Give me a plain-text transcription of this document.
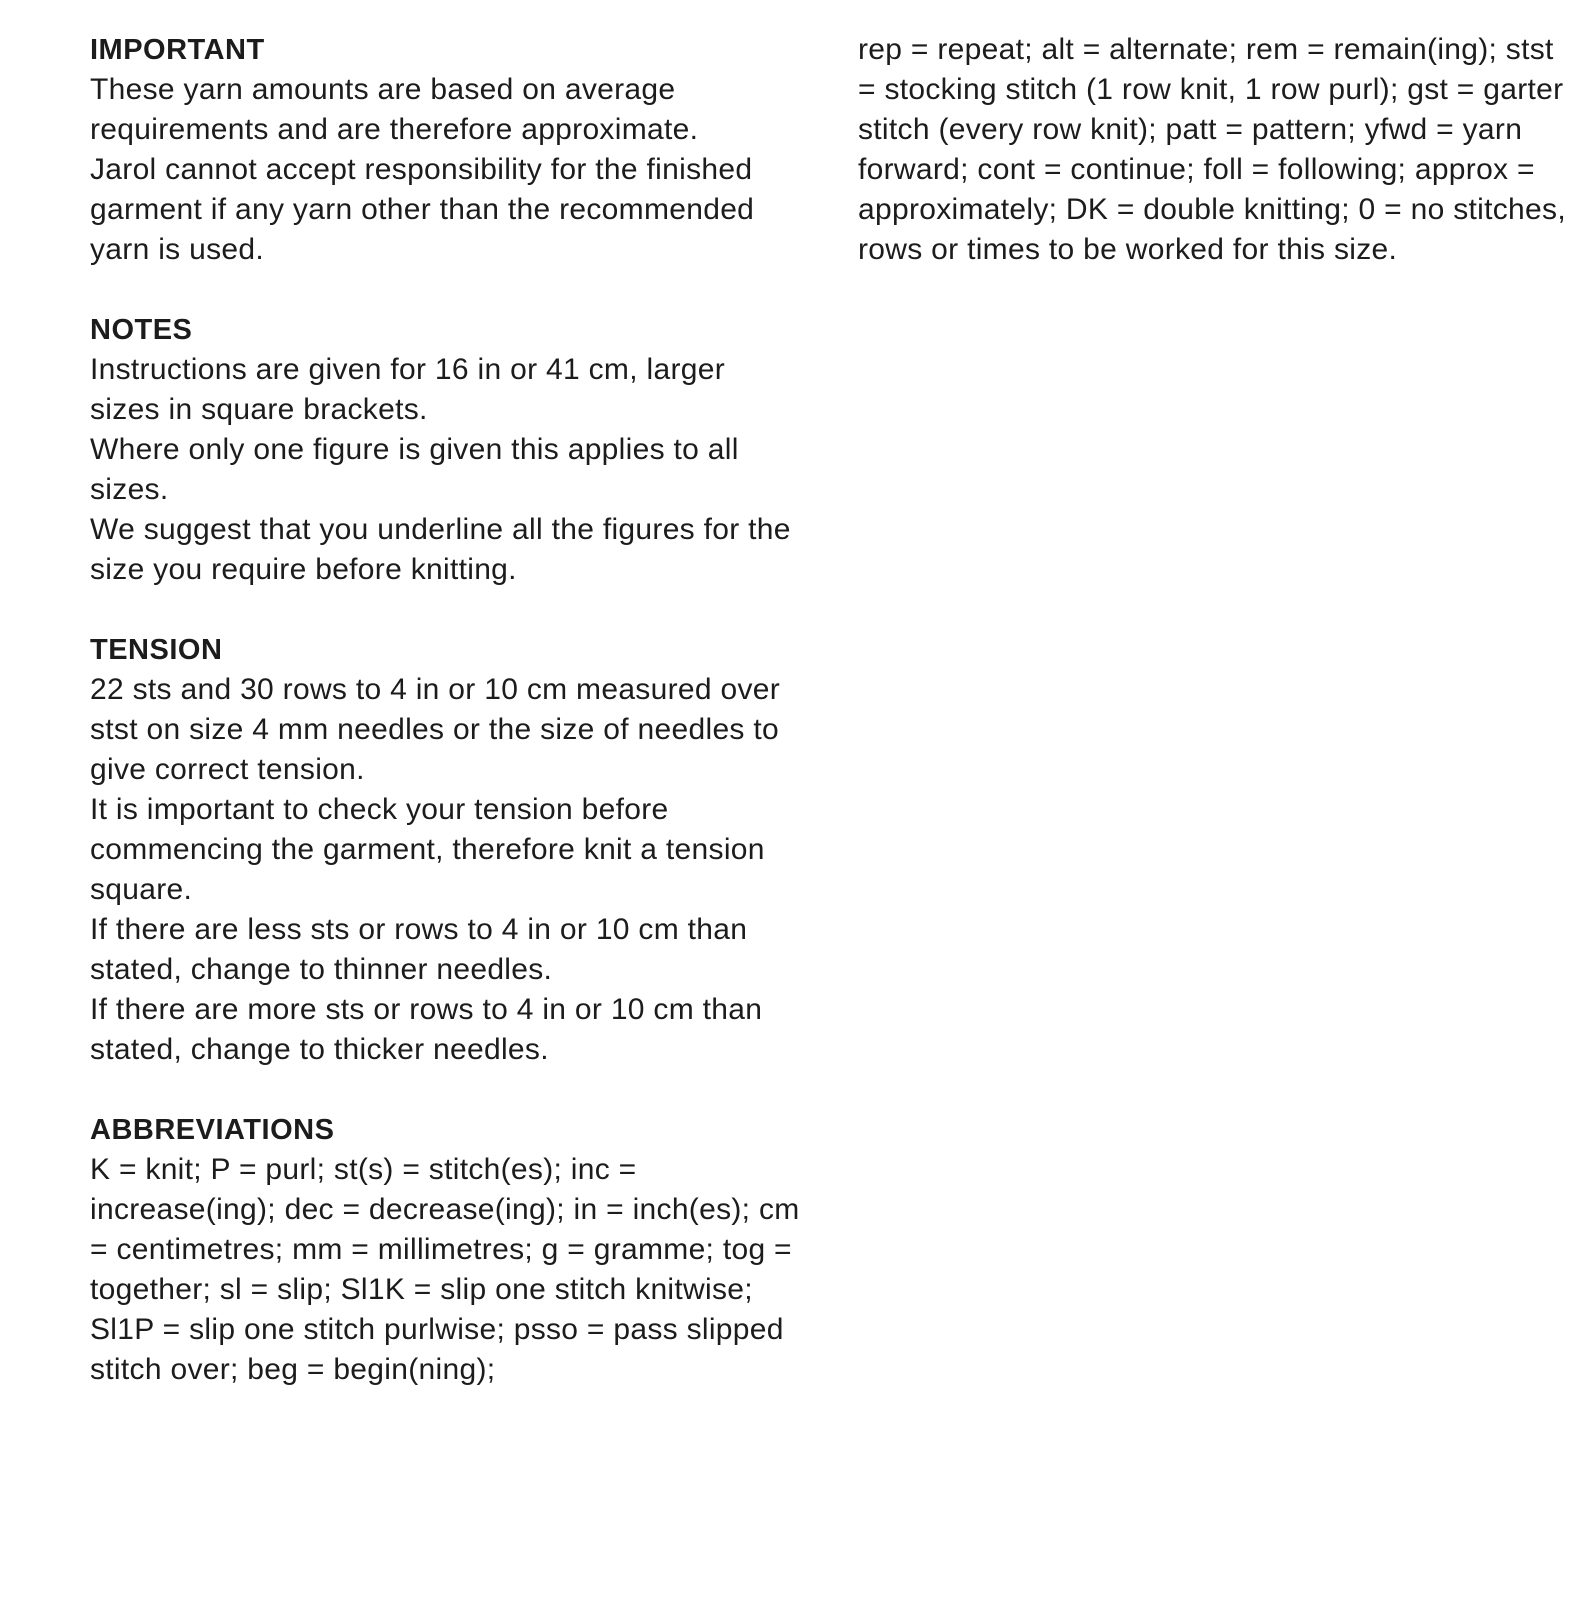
IMPORTANT

These yarn amounts are based on average requirements and are therefore approximate.

Jarol cannot accept responsibility for the finished garment if any yarn other than the recommended yarn is used.

NOTES

Instructions are given for 16 in or 41 cm, larger sizes in square brackets.

Where only one figure is given this applies to all sizes.

We suggest that you underline all the figures for the size you require before knitting.

TENSION

22 sts and 30 rows to 4 in or 10 cm measured over stst on size 4 mm needles or the size of needles to give correct tension.

It is important to check your tension before commencing the garment, therefore knit a tension square.

If there are less sts or rows to 4 in or 10 cm than stated, change to thinner needles.

If there are more sts or rows to 4 in or 10 cm than stated, change to thicker needles.

ABBREVIATIONS

K = knit; P = purl; st(s) = stitch(es); inc = increase(ing); dec = decrease(ing); in = inch(es); cm = centimetres; mm = millimetres; g = gramme; tog = together; sl = slip; Sl1K = slip one stitch knitwise; Sl1P = slip one stitch purlwise; psso = pass slipped stitch over; beg = begin(ning);

rep = repeat; alt = alternate; rem = remain(ing); stst = stocking stitch (1 row knit, 1 row purl); gst = garter stitch (every row knit); patt = pattern; yfwd = yarn forward; cont = continue; foll = following; approx = approximately; DK = double knitting; 0 = no stitches, rows or times to be worked for this size.
